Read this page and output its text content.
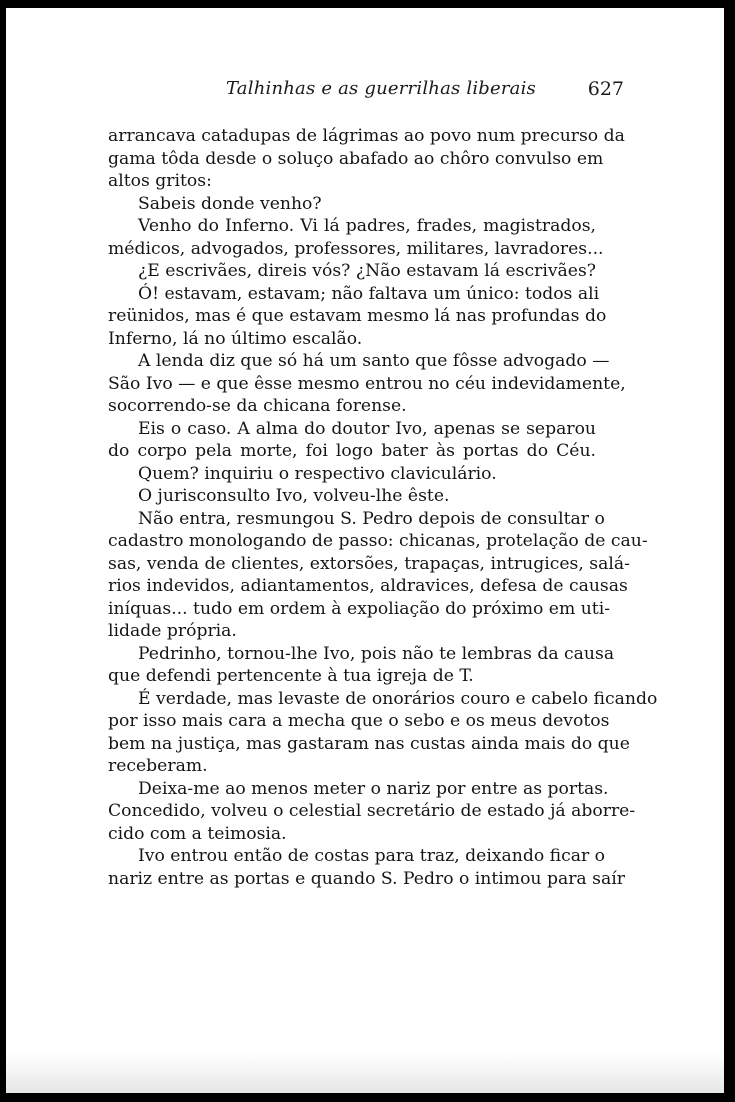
Talhinhas e as guerrilhas liberais	627
arrancava catadupas de lágrimas ao povo num precurso da
gama tôda desde o soluço abafado ao chôro convulso em
altos gritos:
Sabeis donde venho?
Venho do Inferno. Vi lá padres, frades, magistrados,
médicos, advogados, professores, militares, lavradores...
¿E escrivães, direis vós? ¿Não estavam lá escrivães?
Ó! estavam, estavam; não faltava um único: todos ali
reünidos, mas é que estavam mesmo lá nas profundas do
Inferno, lá no último escalão.
A lenda diz que só há um santo que fôsse advogado —
São Ivo — e que êsse mesmo entrou no céu indevidamente,
socorrendo-se da chicana forense.
Eis o caso. A alma do doutor Ivo, apenas se separou
do corpo pela morte, foi logo bater às portas do Céu.
Quem? inquiriu o respectivo claviculário.
O jurisconsulto Ivo, volveu-lhe êste.
Não entra, resmungou S. Pedro depois de consultar o
cadastro monologando de passo: chicanas, protelação de cau-
sas, venda de clientes, extorsões, trapaças, intrugices, salá-
rios indevidos, adiantamentos, aldravices, defesa de causas
iníquas... tudo em ordem à expoliação do próximo em uti-
lidade própria.
Pedrinho, tornou-lhe Ivo, pois não te lembras da causa
que defendi pertencente à tua igreja de T.
É verdade, mas levaste de onorários couro e cabelo ficando
por isso mais cara a mecha que o sebo e os meus devotos
bem na justiça, mas gastaram nas custas ainda mais do que
receberam.
Deixa-me ao menos meter o nariz por entre as portas.
Concedido, volveu o celestial secretário de estado já aborre-
cido com a teimosia.
Ivo entrou então de costas para traz, deixando ficar o
nariz entre as portas e quando S. Pedro o intimou para saír
